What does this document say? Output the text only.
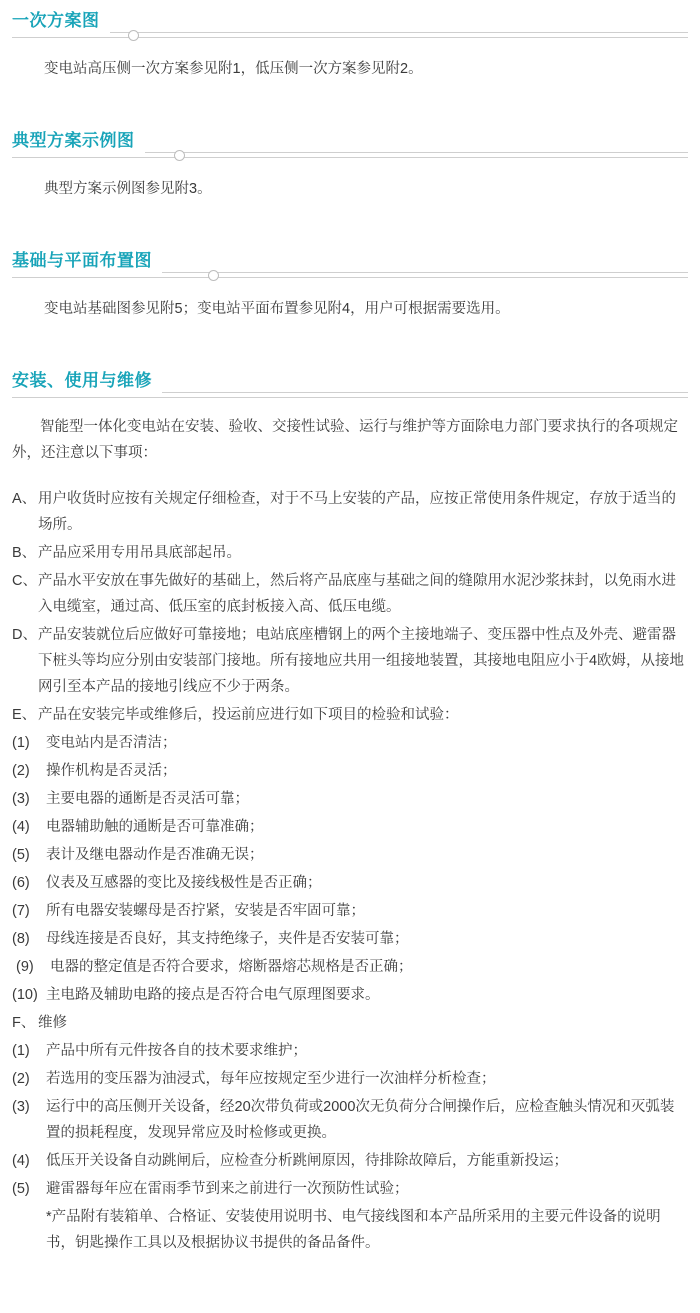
一次方案图

变电站高压侧一次方案参见附1，低压侧一次方案参见附2。

典型方案示例图

典型方案示例图参见附3。

基础与平面布置图

变电站基础图参见附5；变电站平面布置参见附4，用户可根据需要选用。

安装、使用与维修

智能型一体化变电站在安装、验收、交接性试验、运行与维护等方面除电力部门要求执行的各项规定外，还注意以下事项：

A、 用户收货时应按有关规定仔细检查，对于不马上安装的产品，应按正常使用条件规定，存放于适当的场所。
B、 产品应采用专用吊具底部起吊。
C、 产品水平安放在事先做好的基础上，然后将产品底座与基础之间的缝隙用水泥沙浆抹封，以免雨水进入电缆室，通过高、低压室的底封板接入高、低压电缆。
D、 产品安装就位后应做好可靠接地；电站底座槽钢上的两个主接地端子、变压器中性点及外壳、避雷器下桩头等均应分别由安装部门接地。所有接地应共用一组接地装置，其接地电阻应小于4欧姆，从接地网引至本产品的接地引线应不少于两条。
E、 产品在安装完毕或维修后，投运前应进行如下项目的检验和试验：
(1)	变电站内是否清洁；
(2)	操作机构是否灵活；
(3)	主要电器的通断是否灵活可靠；
(4)	电器辅助触的通断是否可靠准确；
(5)	表计及继电器动作是否准确无误；
(6)	仪表及互感器的变比及接线极性是否正确；
(7)	所有电器安装螺母是否拧紧，安装是否牢固可靠；
(8)	母线连接是否良好，其支持绝缘子，夹件是否安装可靠；
(9)	电器的整定值是否符合要求，熔断器熔芯规格是否正确；
(10) 主电路及辅助电路的接点是否符合电气原理图要求。
F、 维修
(1)	产品中所有元件按各自的技术要求维护；
(2)	若选用的变压器为油浸式，每年应按规定至少进行一次油样分析检查；
(3)	运行中的高压侧开关设备，经20次带负荷或2000次无负荷分合闸操作后，应检查触头情况和灭弧装置的损耗程度，发现异常应及时检修或更换。
(4)	低压开关设备自动跳闸后，应检查分析跳闸原因，待排除故障后，方能重新投运；
(5)	避雷器每年应在雷雨季节到来之前进行一次预防性试验；
*产品附有装箱单、合格证、安装使用说明书、电气接线图和本产品所采用的主要元件设备的说明书，钥匙操作工具以及根据协议书提供的备品备件。
